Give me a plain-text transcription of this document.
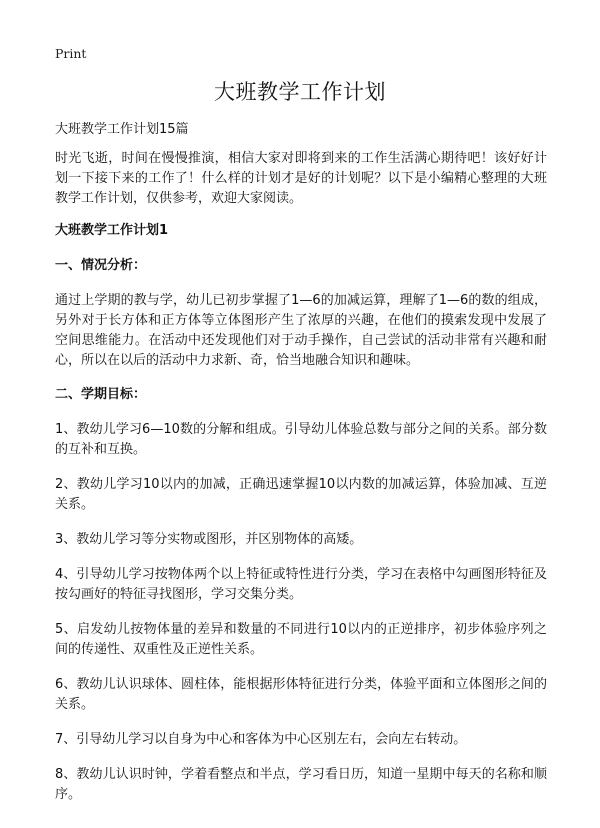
Print
大班教学工作计划

大班教学工作计划15篇

时光飞逝，时间在慢慢推演，相信大家对即将到来的工作生活满心期待吧！该好好计划一下接下来的工作了！什么样的计划才是好的计划呢？以下是小编精心整理的大班教学工作计划，仅供参考，欢迎大家阅读。

大班教学工作计划1
一、情况分析：

通过上学期的教与学，幼儿已初步掌握了1—6的加减运算，理解了1—6的数的组成，另外对于长方体和正方体等立体图形产生了浓厚的兴趣，在他们的摸索发现中发展了空间思维能力。在活动中还发现他们对于动手操作，自己尝试的活动非常有兴趣和耐心，所以在以后的活动中力求新、奇，恰当地融合知识和趣味。

二、学期目标：
1、教幼儿学习6—10数的分解和组成。引导幼儿体验总数与部分之间的关系。部分数的互补和互换。
2、教幼儿学习10以内的加减，正确迅速掌握10以内数的加减运算，体验加减、互逆关系。
3、教幼儿学习等分实物或图形，并区别物体的高矮。
4、引导幼儿学习按物体两个以上特征或特性进行分类，学习在表格中勾画图形特征及按勾画好的特征寻找图形，学习交集分类。
5、启发幼儿按物体量的差异和数量的不同进行10以内的正逆排序，初步体验序列之间的传递性、双重性及正逆性关系。
6、教幼儿认识球体、圆柱体，能根据形体特征进行分类，体验平面和立体图形之间的关系。
7、引导幼儿学习以自身为中心和客体为中心区别左右，会向左右转动。
8、教幼儿认识时钟，学着看整点和半点，学习看日历，知道一星期中每天的名称和顺序。
